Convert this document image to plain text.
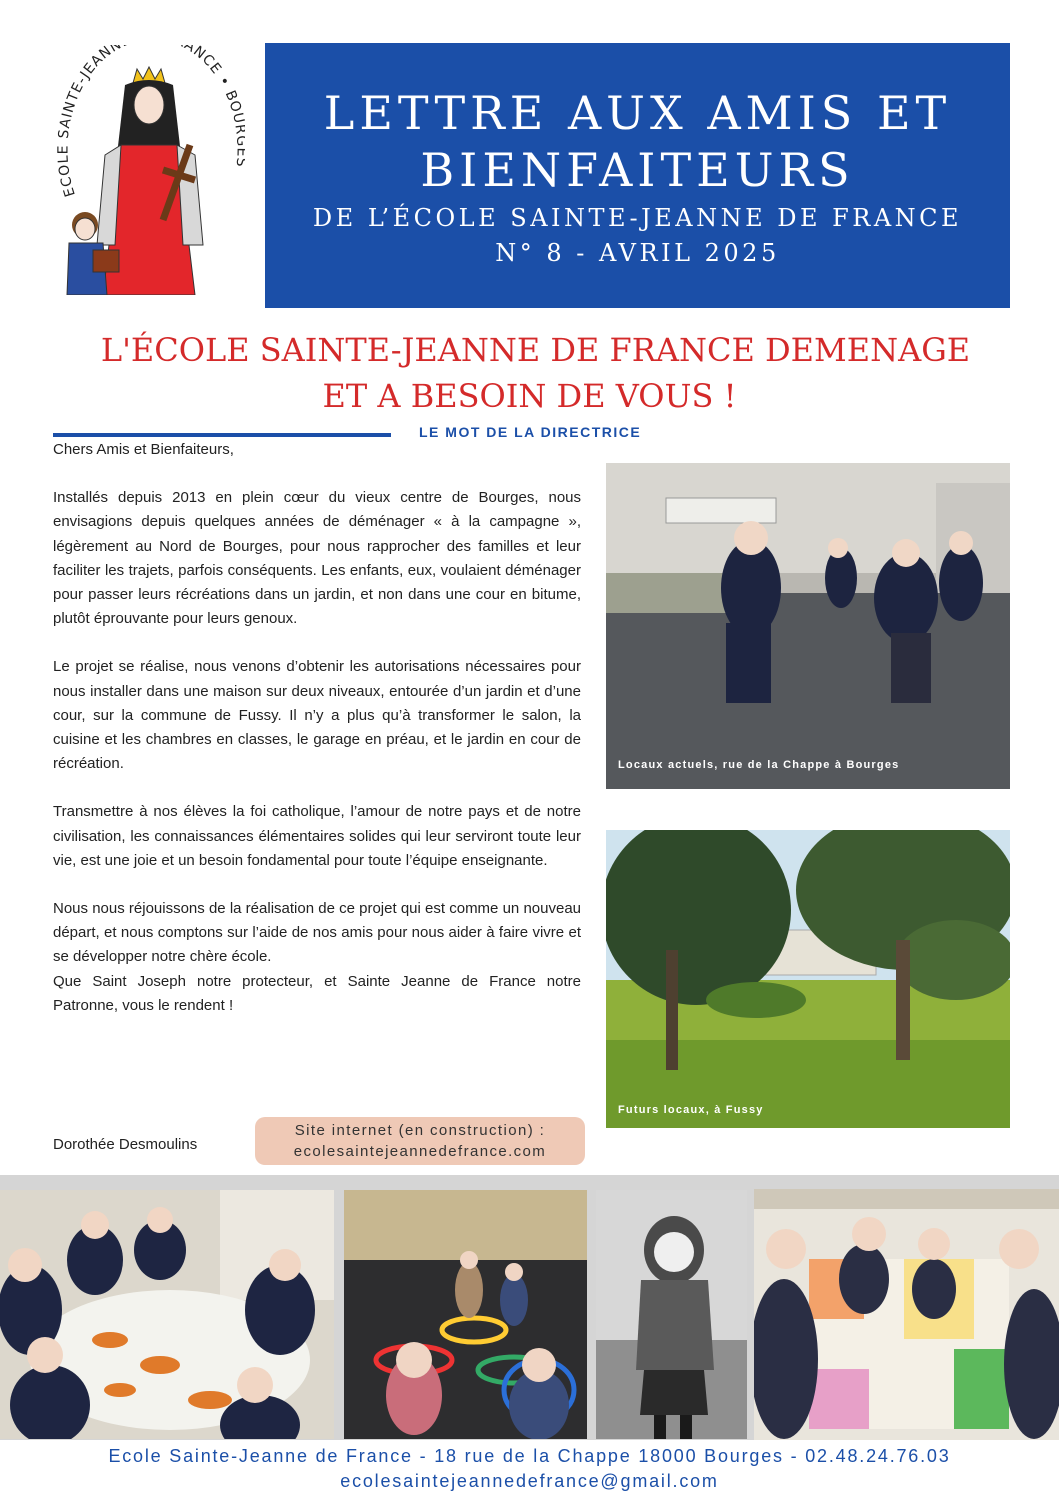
ECOLE SAINTE-JEANN ANCE • BO	LETTRE AUX AMIS ET BIENFAITEURS
DE L’ÉCOLE SAINTE-JEANNE DE FRANCE
N° 8 - AVRIL 2025
L'ÉCOLE SAINTE-JEANNE DE FRANCE DEMENAGE
ET A BESOIN DE VOUS !
LE MOT DE LA DIRECTRICE

Chers Amis et Bienfaiteurs,

Installés depuis 2013 en plein cœur du vieux centre de Bourges, nous envisagions depuis quelques années de déménager « à la campagne », légèrement au Nord de Bourges, pour nous rapprocher des familles et leur faciliter les trajets, parfois conséquents. Les enfants, eux, voulaient déménager pour passer leurs récréations dans un jardin, et non dans une cour en bitume, plutôt éprouvante pour leurs genoux.

Le projet se réalise, nous venons d’obtenir les autorisations nécessaires pour nous installer dans une maison sur deux niveaux, entourée d’un jardin et d’une cour, sur la commune de Fussy. Il n’y a plus qu’à transformer le salon, la cuisine et les chambres en classes, le garage en préau, et le jardin en cour de récréation.

Transmettre à nos élèves la foi catholique, l’amour de notre pays et de notre civilisation, les connaissances élémentaires solides qui leur serviront toute leur vie, est une joie et un besoin fondamental pour toute l’équipe enseignante.

Nous nous réjouissons de la réalisation de ce projet qui est comme un nouveau départ, et nous comptons sur l’aide de nos amis pour nous aider à faire vivre et se développer notre chère école.

Que Saint Joseph notre protecteur, et Sainte Jeanne de France notre Patronne, vous le rendent !

Dorothée Desmoulins
Site internet (en construction) :
ecolesaintejeannedefrance.com
Locaux actuels, rue de la Chappe à Bourges
Futurs locaux, à Fussy
Ecole Sainte-Jeanne de France - 18 rue de la Chappe 18000 Bourges - 02.48.24.76.03
ecolesaintejeannedefrance@gmail.com
